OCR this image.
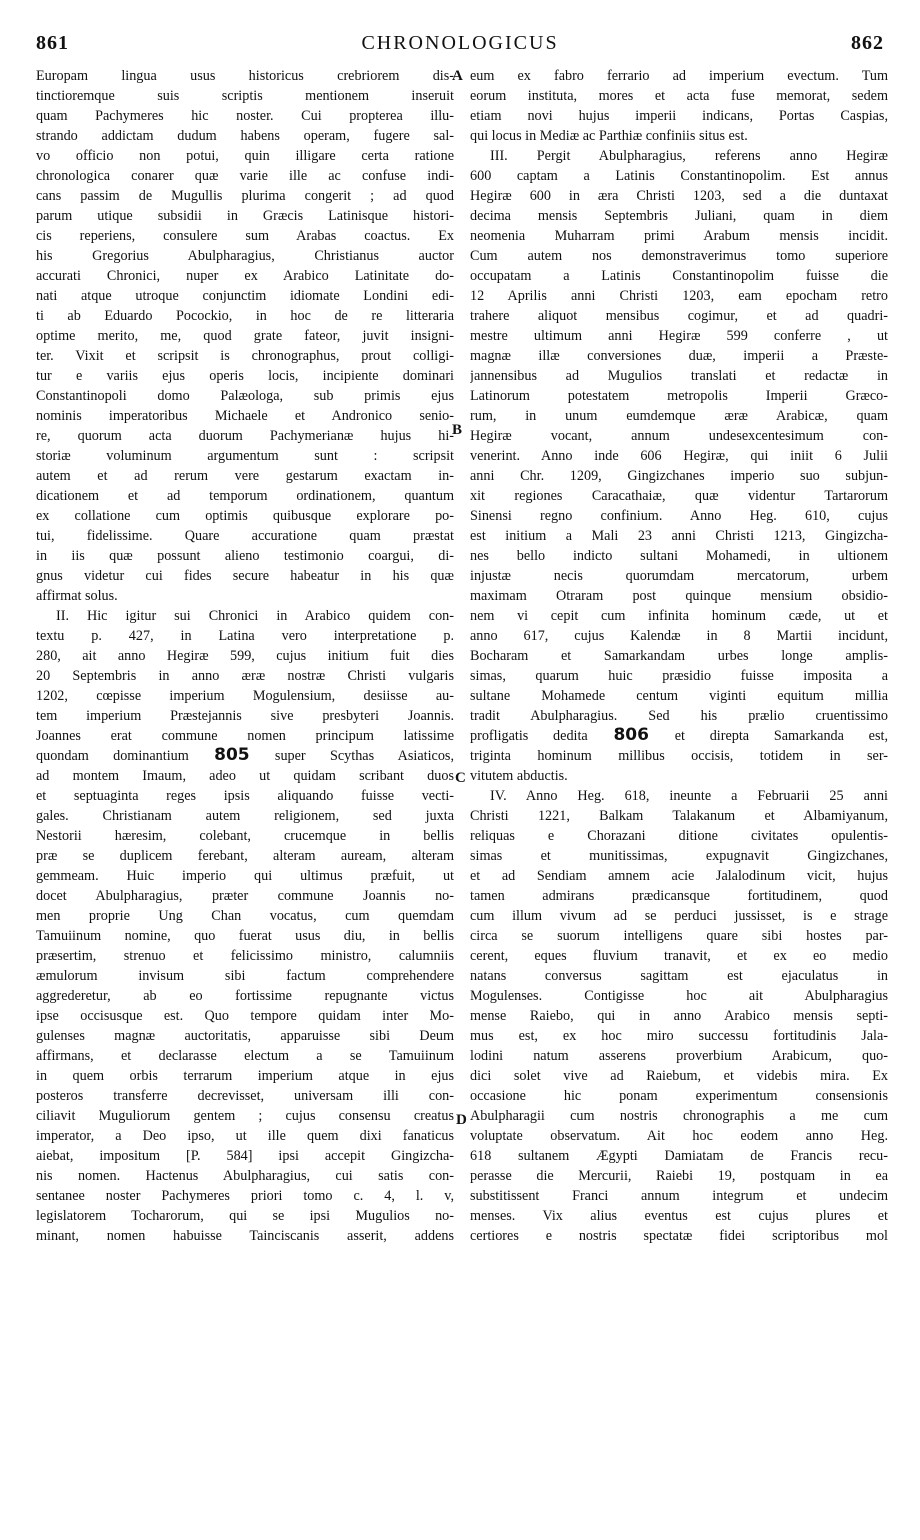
861	CHRONOLOGICUS	862
Europam lingua usus historicus crebriorem dis-
tinctioremque suis scriptis mentionem inseruit
quam Pachymeres hic noster. Cui propterea illu-
strando addictam dudum habens operam, fugere sal-
vo officio non potui, quin illigare certa ratione
chronologica conarer quæ varie ille ac confuse indi-
cans passim de Mugullis plurima congerit ; ad quod
parum utique subsidii in Græcis Latinisque histori-
cis reperiens, consulere sum Arabas coactus. Ex
his Gregorius Abulpharagius, Christianus auctor
accurati Chronici, nuper ex Arabico Latinitate do-
nati atque utroque conjunctim idiomate Londini edi-
ti ab Eduardo Pocockio, in hoc de re litteraria
optime merito, me, quod grate fateor, juvit insigni-
ter. Vixit et scripsit is chronographus, prout colligi-
tur e variis ejus operis locis, incipiente dominari
Constantinopoli domo Palæologa, sub primis ejus
nominis imperatoribus Michaele et Andronico senio-
re, quorum acta duorum Pachymerianæ hujus hi-
storiæ voluminum argumentum sunt : scripsit
autem et ad rerum vere gestarum exactam in-
dicationem et ad temporum ordinationem, quantum
ex collatione cum optimis quibusque explorare po-
tui, fidelissime. Quare accuratione quam præstat
in iis quæ possunt alieno testimonio coargui, di-
gnus videtur cui fides secure habeatur in his quæ
affirmat solus.
II. Hic igitur sui Chronici in Arabico quidem con-
textu p. 427, in Latina vero interpretatione p.
280, ait anno Hegiræ 599, cujus initium fuit dies
20 Septembris in anno æræ nostræ Christi vulgaris
1202, cœpisse imperium Mogulensium, desiisse au-
tem imperium Præstejannis sive presbyteri Joannis.
Joannes erat commune nomen principum latissime
quondam dominantium 805 super Scythas Asiaticos,
ad montem Imaum, adeo ut quidam scribant duos
et septuaginta reges ipsis aliquando fuisse vecti-
gales. Christianam autem religionem, sed juxta
Nestorii hæresim, colebant, crucemque in bellis
præ se duplicem ferebant, alteram auream, alteram
gemmeam. Huic imperio qui ultimus præfuit, ut
docet Abulpharagius, præter commune Joannis no-
men proprie Ung Chan vocatus, cum quemdam
Tamuiinum nomine, quo fuerat usus diu, in bellis
præsertim, strenuo et felicissimo ministro, calumniis
æmulorum invisum sibi factum comprehendere
aggrederetur, ab eo fortissime repugnante victus
ipse occisusque est. Quo tempore quidam inter Mo-
gulenses magnæ auctoritatis, apparuisse sibi Deum
affirmans, et declarasse electum a se Tamuiinum
in quem orbis terrarum imperium atque in ejus
posteros transferre decrevisset, universam illi con-
ciliavit Muguliorum gentem ; cujus consensu creatus
imperator, a Deo ipso, ut ille quem dixi fanaticus
aiebat, impositum [P. 584] ipsi accepit Gingizcha-
nis nomen. Hactenus Abulpharagius, cui satis con-
sentanee noster Pachymeres priori tomo c. 4, l. v,
legislatorem Tocharorum, qui se ipsi Mugulios no-
minant, nomen habuisse Tainciscanis asserit, addens
eum ex fabro ferrario ad imperium evectum. Tum
eorum instituta, mores et acta fuse memorat, sedem
etiam novi hujus imperii indicans, Portas Caspias,
qui locus in Mediæ ac Parthiæ confiniis situs est.
III. Pergit Abulpharagius, referens anno Hegiræ
600 captam a Latinis Constantinopolim. Est annus
Hegiræ 600 in æra Christi 1203, sed a die duntaxat
decima mensis Septembris Juliani, quam in diem
neomenia Muharram primi Arabum mensis incidit.
Cum autem nos demonstraverimus tomo superiore
occupatam a Latinis Constantinopolim fuisse die
12 Aprilis anni Christi 1203, eam epocham retro
trahere aliquot mensibus cogimur, et ad quadri-
mestre ultimum anni Hegiræ 599 conferre , ut
magnæ illæ conversiones duæ, imperii a Præste-
jannensibus ad Mugulios translati et redactæ in
Latinorum potestatem metropolis Imperii Græco-
rum, in unum eumdemque æræ Arabicæ, quam
Hegiræ vocant, annum undesexcentesimum con-
venerint. Anno inde 606 Hegiræ, qui iniit 6 Julii
anni Chr. 1209, Gingizchanes imperio suo subjun-
xit regiones Caracathaiæ, quæ videntur Tartarorum
Sinensi regno confinium. Anno Heg. 610, cujus
est initium a Mali 23 anni Christi 1213, Gingizcha-
nes bello indicto sultani Mohamedi, in ultionem
injustæ necis quorumdam mercatorum, urbem
maximam Otraram post quinque mensium obsidio-
nem vi cepit cum infinita hominum cæde, ut et
anno 617, cujus Kalendæ in 8 Martii incidunt,
Bocharam et Samarkandam urbes longe amplis-
simas, quarum huic præsidio fuisse imposita a
sultane Mohamede centum viginti equitum millia
tradit Abulpharagius. Sed his prælio cruentissimo
profligatis dedita 806 et direpta Samarkanda est,
triginta hominum millibus occisis, totidem in ser-
vitutem abductis.
IV. Anno Heg. 618, ineunte a Februarii 25 anni
Christi 1221, Balkam Talakanum et Albamiyanum,
reliquas e Chorazani ditione civitates opulentis-
simas et munitissimas, expugnavit Gingizchanes,
et ad Sendiam amnem acie Jalalodinum vicit, hujus
tamen admirans prædicansque fortitudinem, quod
cum illum vivum ad se perduci jussisset, is e strage
circa se suorum intelligens quare sibi hostes par-
cerent, eques fluvium tranavit, et ex eo medio
natans conversus sagittam est ejaculatus in
Mogulenses. Contigisse hoc ait Abulpharagius
mense Raiebo, qui in anno Arabico mensis septi-
mus est, ex hoc miro successu fortitudinis Jala-
lodini natum asserens proverbium Arabicum, quo-
dici solet vive ad Raiebum, et videbis mira. Ex
occasione hic ponam experimentum consensionis
Abulpharagii cum nostris chronographis a me cum
voluptate observatum. Ait hoc eodem anno Heg.
618 sultanem Ægypti Damiatam de Francis recu-
perasse die Mercurii, Raiebi 19, postquam in ea
substitissent Franci annum integrum et undecim
menses. Vix alius eventus est cujus plures et
certiores e nostris spectatæ fidei scriptoribus mol
A
B
C
D
